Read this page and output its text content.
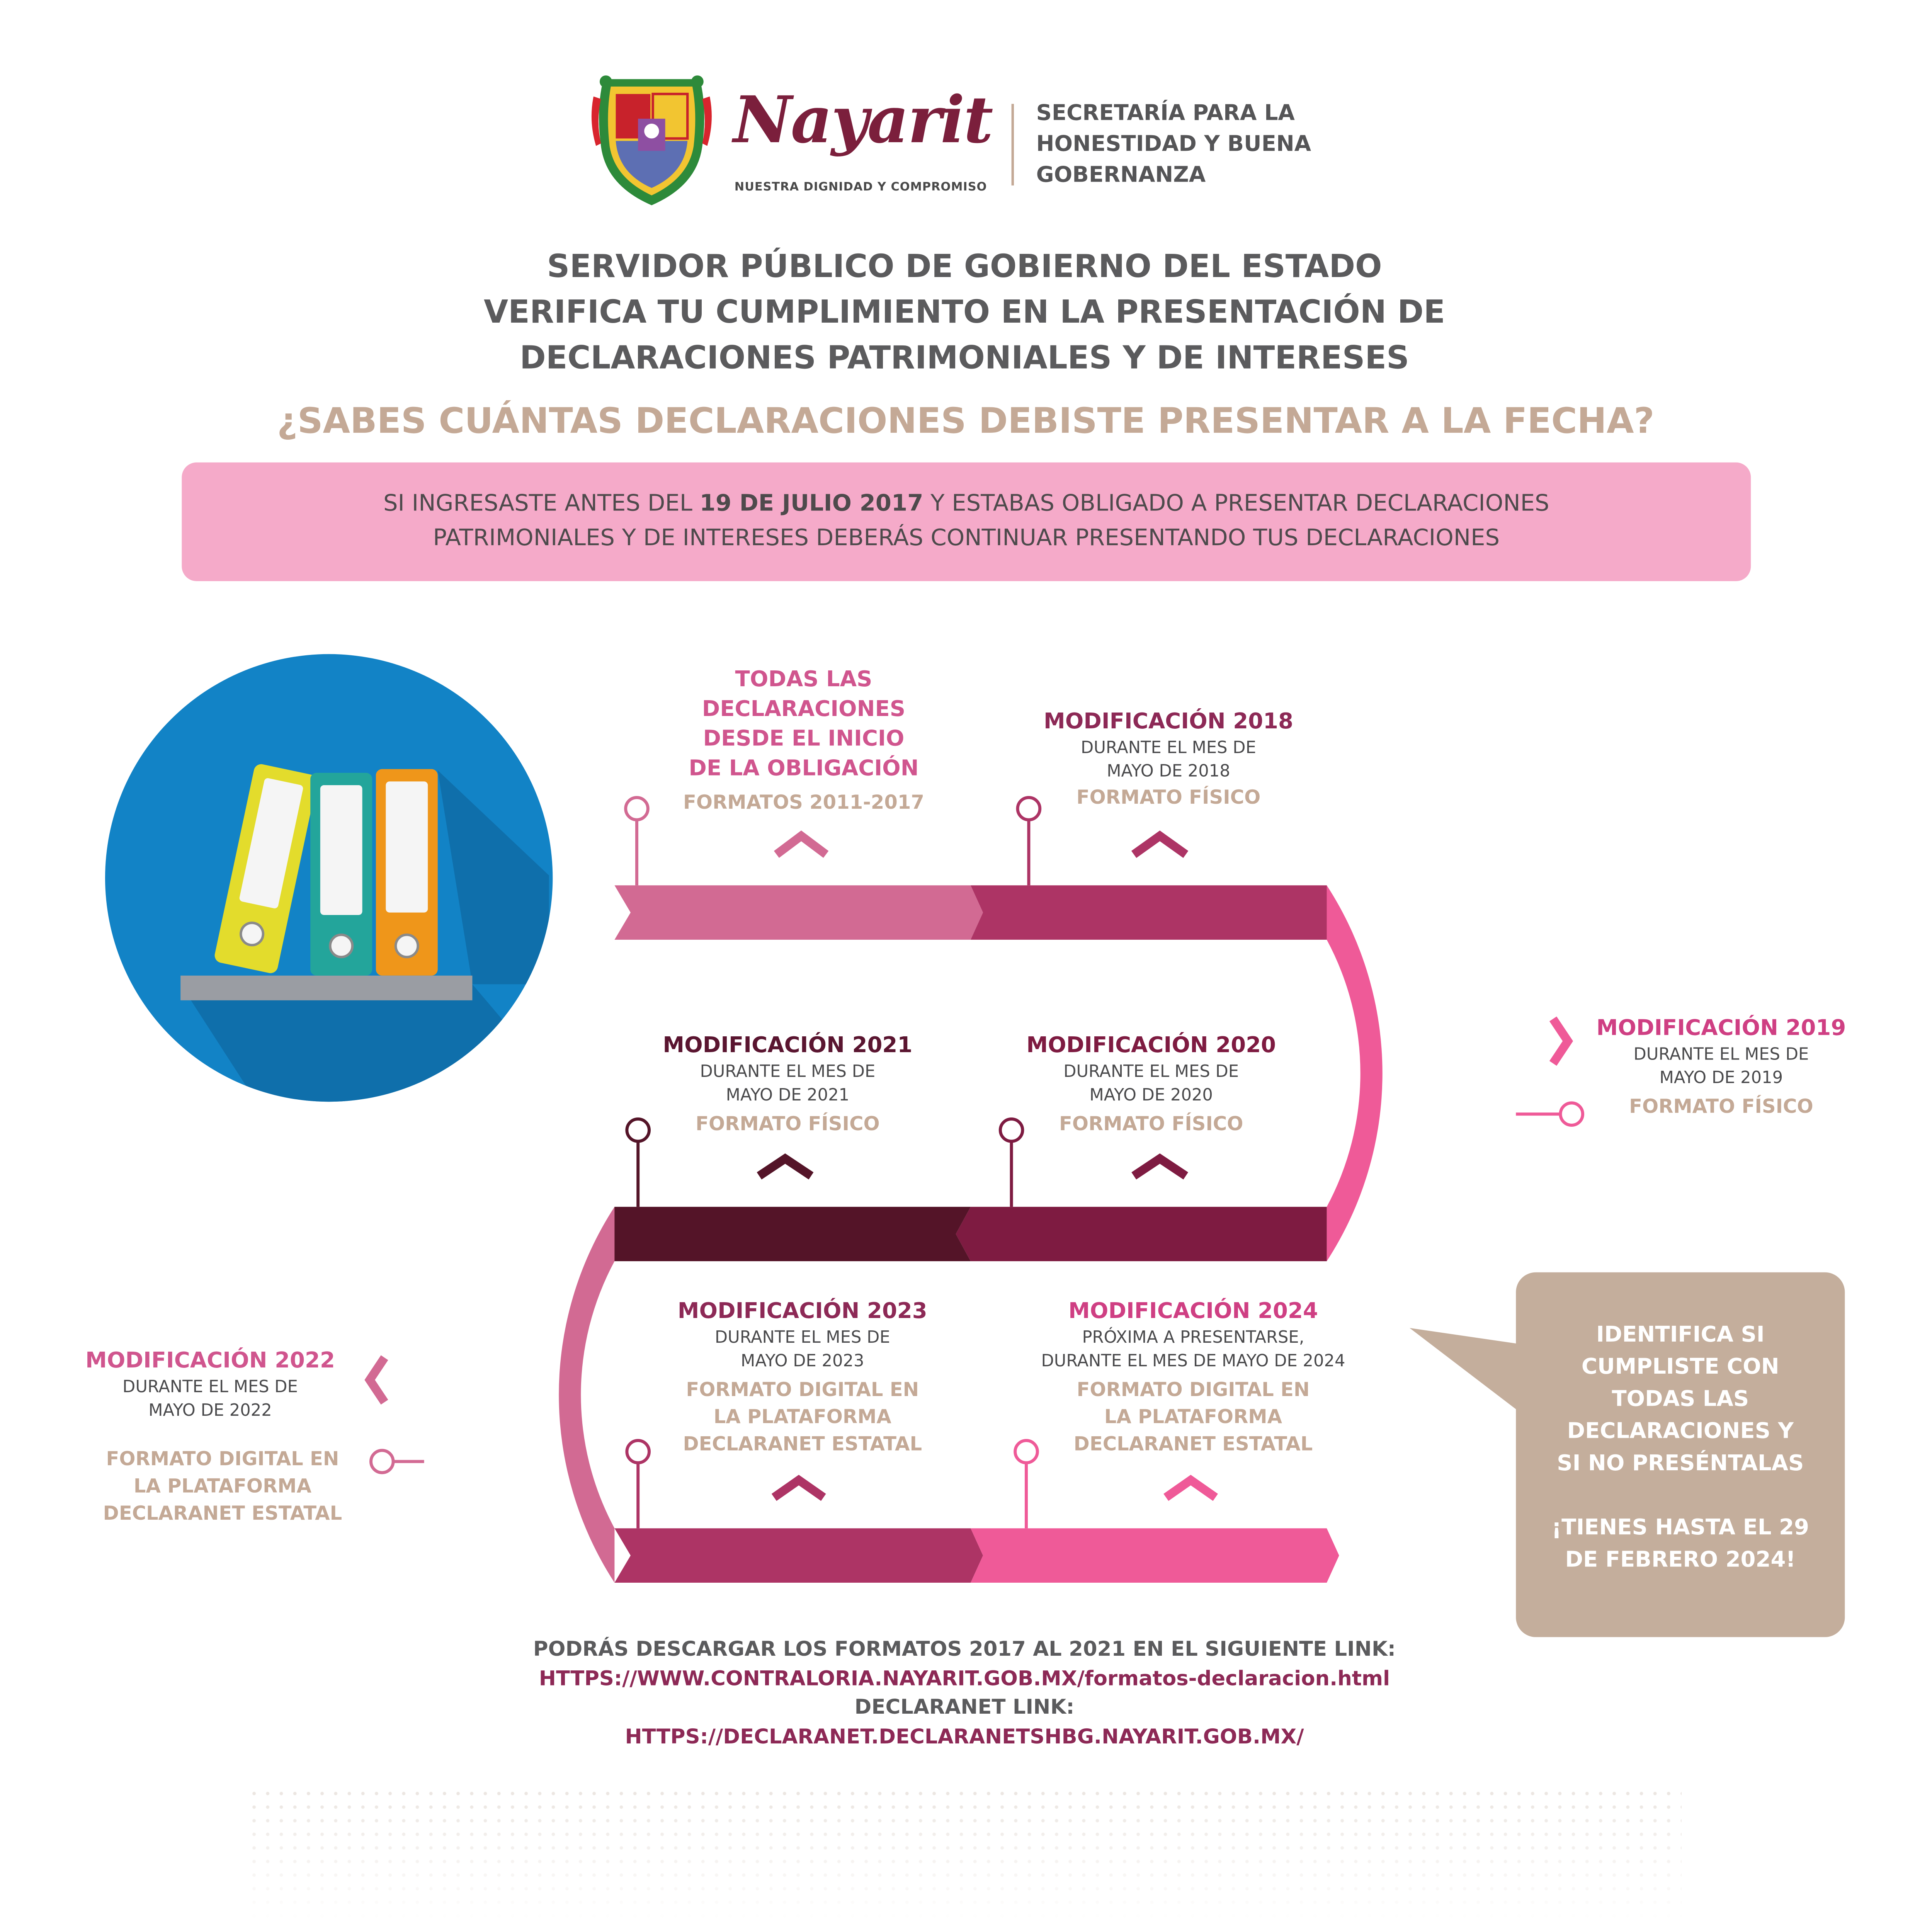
Nayarit
NUESTRA DIGNIDAD Y COMPROMISO
SECRETARÍA PARA LA
HONESTIDAD Y BUENA
GOBERNANZA
SERVIDOR PÚBLICO DE GOBIERNO DEL ESTADO
VERIFICA TU CUMPLIMIENTO EN LA PRESENTACIÓN DE
DECLARACIONES PATRIMONIALES Y DE INTERESES
¿SABES CUÁNTAS DECLARACIONES DEBISTE PRESENTAR A LA FECHA?
SI INGRESASTE ANTES DEL 19 DE JULIO 2017 Y ESTABAS OBLIGADO A PRESENTAR DECLARACIONES
PATRIMONIALES Y DE INTERESES DEBERÁS CONTINUAR PRESENTANDO TUS DECLARACIONES
TODAS LAS
DECLARACIONES
DESDE EL INICIO
DE LA OBLIGACIÓN
FORMATOS 2011-2017
MODIFICACIÓN 2018
DURANTE EL MES DE
MAYO DE 2018
FORMATO FÍSICO
MODIFICACIÓN 2019
DURANTE EL MES DE
MAYO DE 2019
FORMATO FÍSICO
MODIFICACIÓN 2021
DURANTE EL MES DE
MAYO DE 2021
FORMATO FÍSICO
MODIFICACIÓN 2020
DURANTE EL MES DE
MAYO DE 2020
FORMATO FÍSICO
MODIFICACIÓN 2022
DURANTE EL MES DE
MAYO DE 2022
FORMATO DIGITAL EN
LA PLATAFORMA
DECLARANET ESTATAL
MODIFICACIÓN 2023
DURANTE EL MES DE
MAYO DE 2023
FORMATO DIGITAL EN
LA PLATAFORMA
DECLARANET ESTATAL
MODIFICACIÓN 2024
PRÓXIMA A PRESENTARSE,
DURANTE EL MES DE MAYO DE 2024
FORMATO DIGITAL EN
LA PLATAFORMA
DECLARANET ESTATAL
IDENTIFICA SI
CUMPLISTE CON
TODAS LAS
DECLARACIONES Y
SI NO PRESÉNTALAS
¡TIENES HASTA EL 29
DE FEBRERO 2024!
PODRÁS DESCARGAR LOS FORMATOS 2017 AL 2021 EN EL SIGUIENTE LINK:
HTTPS://WWW.CONTRALORIA.NAYARIT.GOB.MX/formatos-declaracion.html
DECLARANET LINK:
HTTPS://DECLARANET.DECLARANETSHBG.NAYARIT.GOB.MX/
